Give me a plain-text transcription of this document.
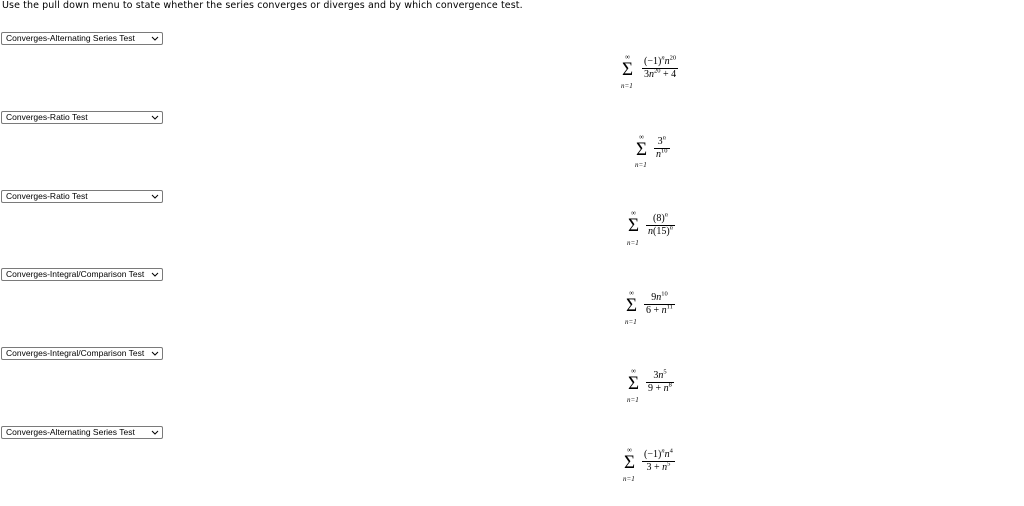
Use the pull down menu to state whether the series converges or diverges and by which convergence test.
Converges-Alternating Series Test
∞
Σ
n=1
$\frac{(-1)^nn^{20}}{3n^{20} + 4}$
Converges-Ratio Test
∞
Σ
n=1
$\frac{3^n}{n^{10}}$
Converges-Ratio Test
∞
Σ
n=1
$\frac{(8)^n}{n(15)^n}$
Converges-Integral/Comparison Test
∞
Σ
n=1
$\frac{9n^{10}}{6 + n^{11}}$
Converges-Integral/Comparison Test
∞
Σ
n=1
$\frac{3n^5}{9 + n^8}$
Converges-Alternating Series Test
∞
Σ
n=1
$\frac{(-1)^nn^4}{3 + n^5}$
